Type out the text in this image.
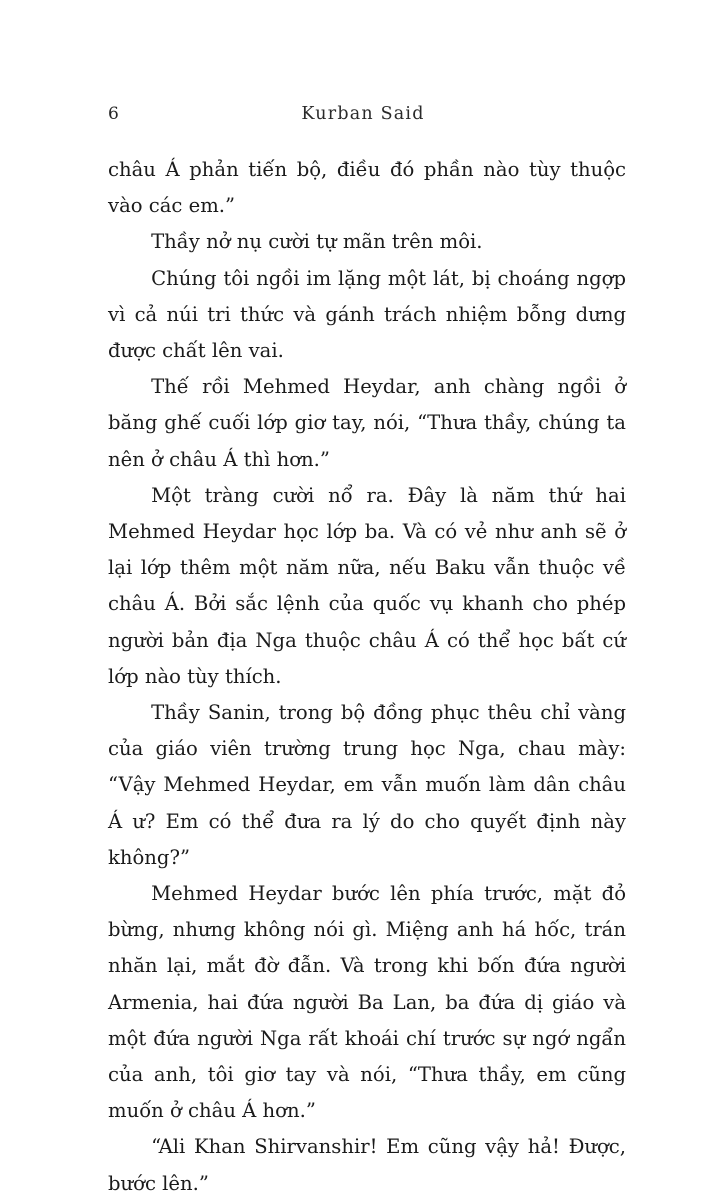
6	Kurban Said

châu Á phản tiến bộ, điều đó phần nào tùy thuộc vào các em.”

Thầy nở nụ cười tự mãn trên môi.

Chúng tôi ngồi im lặng một lát, bị choáng ngợp vì cả núi tri thức và gánh trách nhiệm bỗng dưng được chất lên vai.

Thế rồi Mehmed Heydar, anh chàng ngồi ở băng ghế cuối lớp giơ tay, nói, “Thưa thầy, chúng ta nên ở châu Á thì hơn.”

Một tràng cười nổ ra. Đây là năm thứ hai Mehmed Heydar học lớp ba. Và có vẻ như anh sẽ ở lại lớp thêm một năm nữa, nếu Baku vẫn thuộc về châu Á. Bởi sắc lệnh của quốc vụ khanh cho phép người bản địa Nga thuộc châu Á có thể học bất cứ lớp nào tùy thích.

Thầy Sanin, trong bộ đồng phục thêu chỉ vàng của giáo viên trường trung học Nga, chau mày: “Vậy Mehmed Heydar, em vẫn muốn làm dân châu Á ư? Em có thể đưa ra lý do cho quyết định này không?”

Mehmed Heydar bước lên phía trước, mặt đỏ bừng, nhưng không nói gì. Miệng anh há hốc, trán nhăn lại, mắt đờ đẫn. Và trong khi bốn đứa người Armenia, hai đứa người Ba Lan, ba đứa dị giáo và một đứa người Nga rất khoái chí trước sự ngớ ngẩn của anh, tôi giơ tay và nói, “Thưa thầy, em cũng muốn ở châu Á hơn.”

“Ali Khan Shirvanshir! Em cũng vậy hả! Được, bước lên.”
